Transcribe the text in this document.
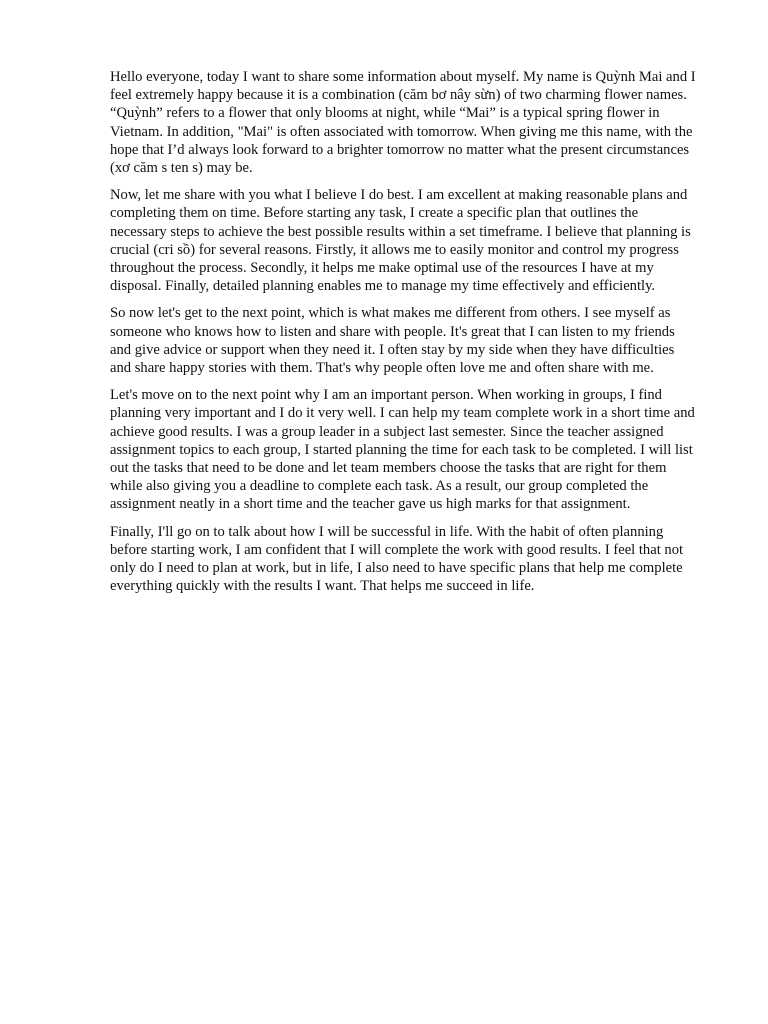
Hello everyone, today I want to share some information about myself. My name is Quỳnh Mai and I feel extremely happy because it is a combination (căm bơ nây sừn) of two charming flower names. “Quỳnh” refers to a flower that only blooms at night, while “Mai” is a typical spring flower in Vietnam. In addition, "Mai" is often associated with tomorrow. When giving me this name, with the hope that I’d always look forward to a brighter tomorrow no matter what the present circumstances (xơ căm s ten s) may be.

Now, let me share with you what I believe I do best. I am excellent at making reasonable plans and completing them on time. Before starting any task, I create a specific plan that outlines the necessary steps to achieve the best possible results within a set timeframe. I believe that planning is crucial (cri sồ) for several reasons. Firstly, it allows me to easily monitor and control my progress throughout the process. Secondly, it helps me make optimal use of the resources I have at my disposal. Finally, detailed planning enables me to manage my time effectively and efficiently.

So now let's get to the next point, which is what makes me different from others. I see myself as someone who knows how to listen and share with people. It's great that I can listen to my friends and give advice or support when they need it. I often stay by my side when they have difficulties and share happy stories with them. That's why people often love me and often share with me.

Let's move on to the next point why I am an important person. When working in groups, I find planning very important and I do it very well. I can help my team complete work in a short time and achieve good results. I was a group leader in a subject last semester. Since the teacher assigned assignment topics to each group, I started planning the time for each task to be completed. I will list out the tasks that need to be done and let team members choose the tasks that are right for them while also giving you a deadline to complete each task. As a result, our group completed the assignment neatly in a short time and the teacher gave us high marks for that assignment.

Finally, I'll go on to talk about how I will be successful in life. With the habit of often planning before starting work, I am confident that I will complete the work with good results. I feel that not only do I need to plan at work, but in life, I also need to have specific plans that help me complete everything quickly with the results I want. That helps me succeed in life.
